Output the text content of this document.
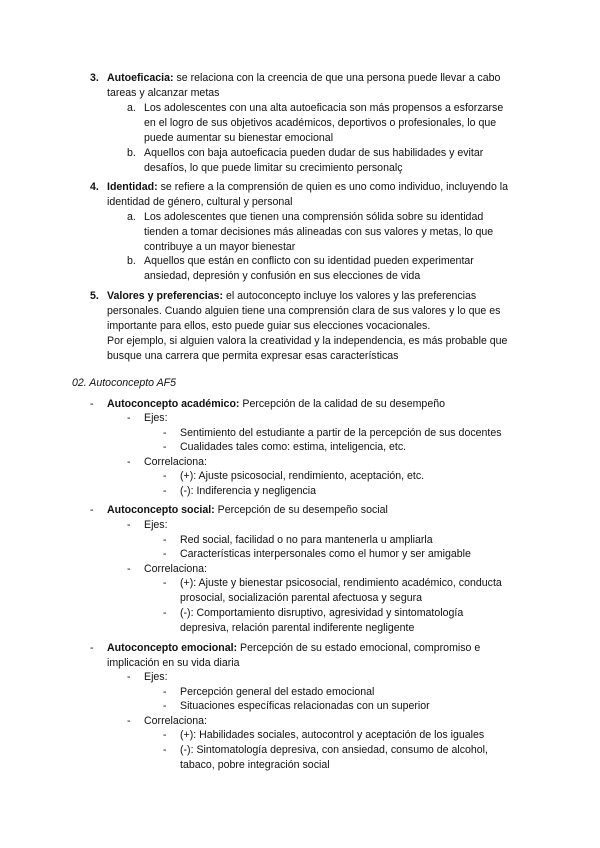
3. Autoeficacia: se relaciona con la creencia de que una persona puede llevar a cabo tareas y alcanzar metas
a. Los adolescentes con una alta autoeficacia son más propensos a esforzarse en el logro de sus objetivos académicos, deportivos o profesionales, lo que puede aumentar su bienestar emocional
b. Aquellos con baja autoeficacia pueden dudar de sus habilidades y evitar desafíos, lo que puede limitar su crecimiento personalç
4. Identidad: se refiere a la comprensión de quien es uno como individuo, incluyendo la identidad de género, cultural y personal
a. Los adolescentes que tienen una comprensión sólida sobre su identidad tienden a tomar decisiones más alineadas con sus valores y metas, lo que contribuye a un mayor bienestar
b. Aquellos que están en conflicto con su identidad pueden experimentar ansiedad, depresión y confusión en sus elecciones de vida
5. Valores y preferencias: el autoconcepto incluye los valores y las preferencias personales. Cuando alguien tiene una comprensión clara de sus valores y lo que es importante para ellos, esto puede guiar sus elecciones vocacionales.
Por ejemplo, si alguien valora la creatividad y la independencia, es más probable que busque una carrera que permita expresar esas características
02. Autoconcepto AF5
- Autoconcepto académico: Percepción de la calidad de su desempeño
- Ejes:
- Sentimiento del estudiante a partir de la percepción de sus docentes
- Cualidades tales como: estima, inteligencia, etc.
- Correlaciona:
- (+): Ajuste psicosocial, rendimiento, aceptación, etc.
- (-): Indiferencia y negligencia
- Autoconcepto social: Percepción de su desempeño social
- Ejes:
- Red social, facilidad o no para mantenerla u ampliarla
- Características interpersonales como el humor y ser amigable
- Correlaciona:
- (+): Ajuste y bienestar psicosocial, rendimiento académico, conducta prosocial, socialización parental afectuosa y segura
- (-): Comportamiento disruptivo, agresividad y sintomatología depresiva, relación parental indiferente negligente
- Autoconcepto emocional: Percepción de su estado emocional, compromiso e implicación en su vida diaria
- Ejes:
- Percepción general del estado emocional
- Situaciones específicas relacionadas con un superior
- Correlaciona:
- (+): Habilidades sociales, autocontrol y aceptación de los iguales
- (-): Sintomatología depresiva, con ansiedad, consumo de alcohol, tabaco, pobre integración social
